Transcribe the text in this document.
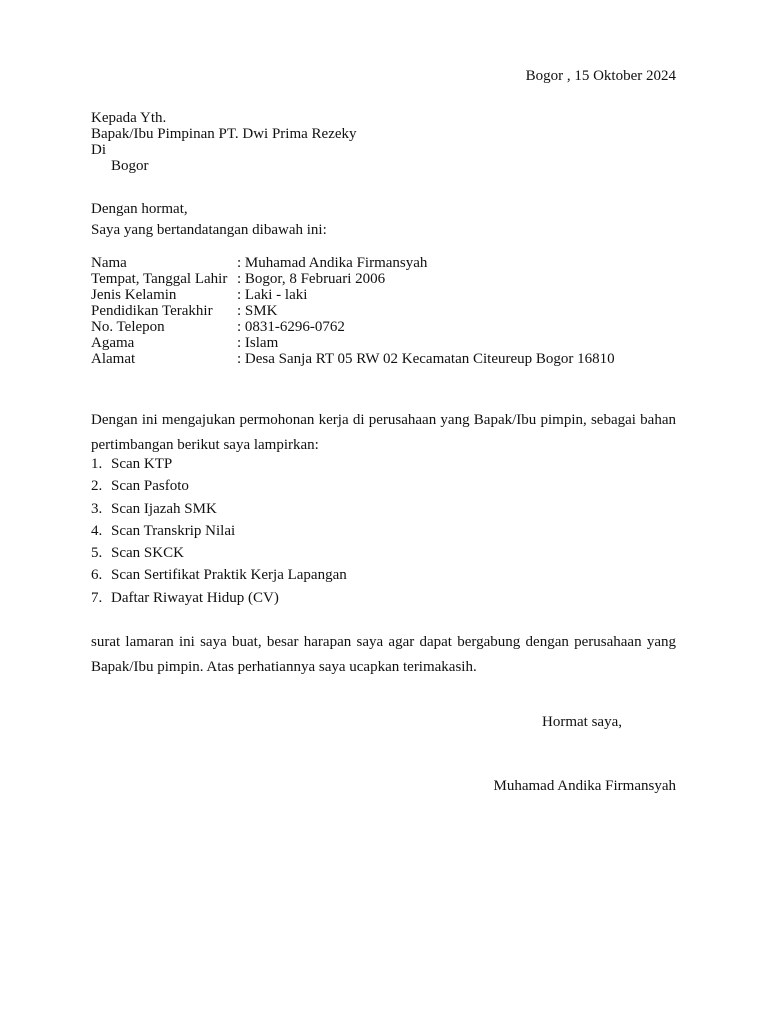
Bogor , 15 Oktober 2024
Kepada Yth.
Bapak/Ibu Pimpinan PT. Dwi Prima Rezeky
Di
Bogor
Dengan hormat,
Saya yang bertandatangan dibawah ini:
Nama	: Muhamad Andika Firmansyah
Tempat, Tanggal Lahir : Bogor, 8 Februari 2006
Jenis Kelamin	: Laki - laki
Pendidikan Terakhir	: SMK
No. Telepon	: 0831-6296-0762
Agama	: Islam
Alamat	: Desa Sanja RT 05 RW 02 Kecamatan Citeureup Bogor 16810
Dengan ini mengajukan permohonan kerja di perusahaan yang Bapak/Ibu pimpin, sebagai bahan pertimbangan berikut saya lampirkan:
1. Scan KTP
2. Scan Pasfoto
3. Scan Ijazah SMK
4. Scan Transkrip Nilai
5. Scan SKCK
6. Scan Sertifikat Praktik Kerja Lapangan
7. Daftar Riwayat Hidup (CV)
surat lamaran ini saya buat, besar harapan saya agar dapat bergabung dengan perusahaan yang Bapak/Ibu pimpin. Atas perhatiannya saya ucapkan terimakasih.
Hormat saya,
Muhamad Andika Firmansyah
